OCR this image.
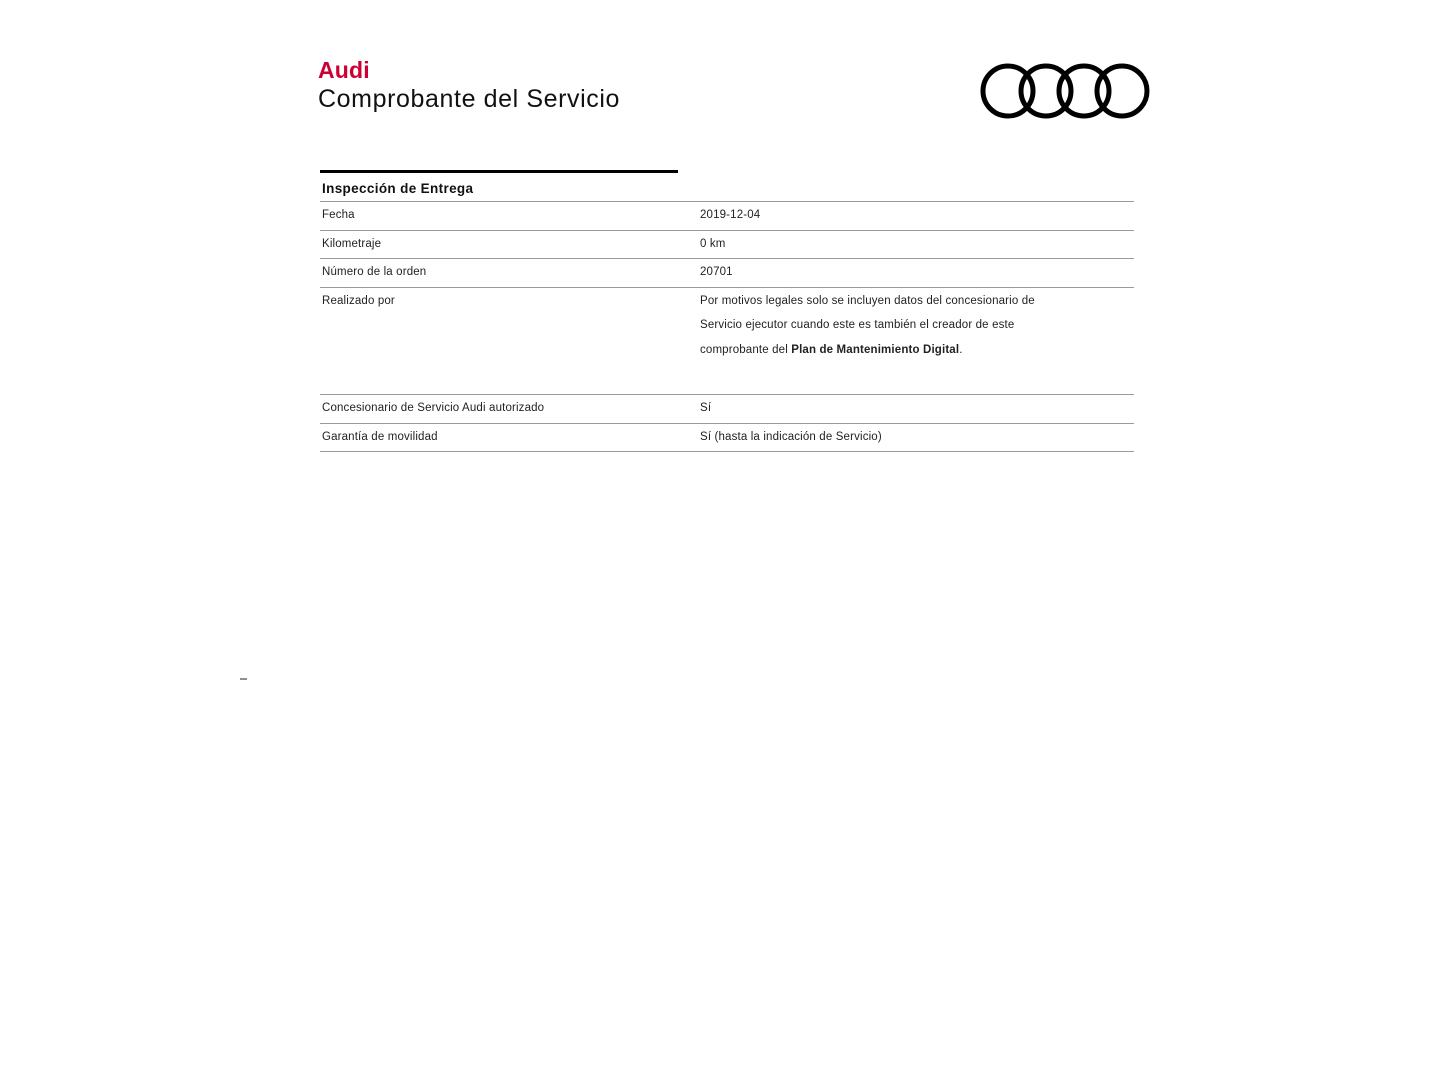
Audi
Comprobante del Servicio
Inspección de Entrega
Fecha	2019-12-04
Kilometraje	0 km
Número de la orden	20701
Realizado por	Por motivos legales solo se incluyen datos del concesionario de

Servicio ejecutor cuando este es también el creador de este

comprobante del Plan de Mantenimiento Digital.

Concesionario de Servicio Audi autorizado	Sí
Garantía de movilidad	Sí (hasta la indicación de Servicio)
